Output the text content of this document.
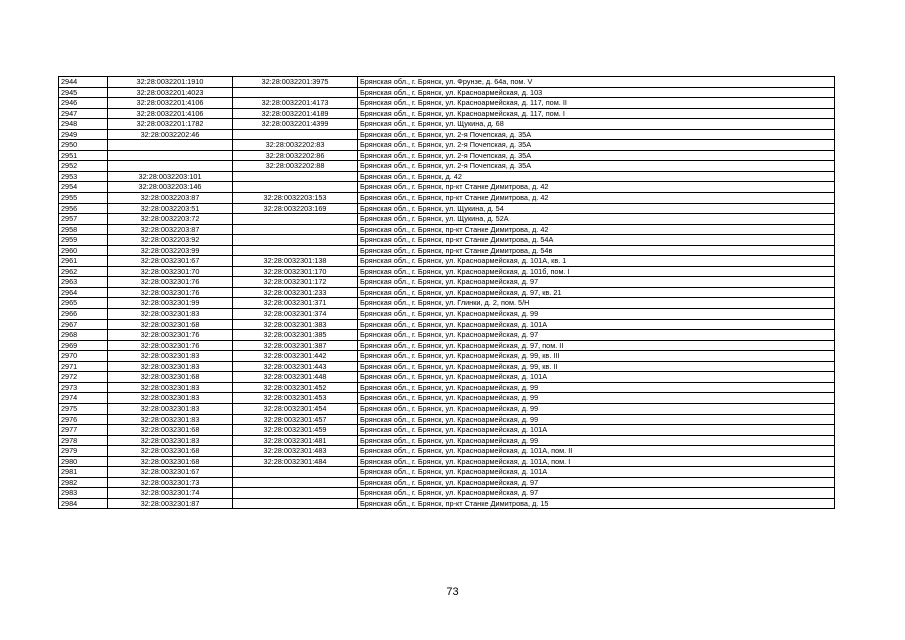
2944	32:28:0032201:1910	32:28:0032201:3975	Брянская обл., г. Брянск, ул. Фрунзе, д. 64а, пом. V
2945	32:28:0032201:4023		Брянская обл., г. Брянск, ул. Красноармейская, д. 103
2946	32:28:0032201:4106	32:28:0032201:4173	Брянская обл., г. Брянск, ул. Красноармейская, д. 117, пом. II
2947	32:28:0032201:4106	32:28:0032201:4189	Брянская обл., г. Брянск, ул. Красноармейская, д. 117, пом. I
2948	32:28:0032201:1782	32:28:0032201:4399	Брянская обл., г. Брянск, ул. Щукина, д. 68
2949	32:28:0032202:46		Брянская обл., г. Брянск, ул. 2-я Почепская, д. 35А
2950		32:28:0032202:83	Брянская обл., г. Брянск, ул. 2-я Почепская, д. 35А
2951		32:28:0032202:86	Брянская обл., г. Брянск, ул. 2-я Почепская, д. 35А
2952		32:28:0032202:88	Брянская обл., г. Брянск, ул. 2-я Почепская, д. 35А
2953	32:28:0032203:101		Брянская обл., г. Брянск, д. 42
2954	32:28:0032203:146		Брянская обл., г. Брянск, пр-кт Станке Димитрова, д. 42
2955	32:28:0032203:87	32:28:0032203:153	Брянская обл., г. Брянск, пр-кт Станке Димитрова, д. 42
2956	32:28:0032203:51	32:28:0032203:169	Брянская обл., г. Брянск, ул. Щукина, д. 54
2957	32:28:0032203:72		Брянская обл., г. Брянск, ул. Щукина, д. 52А
2958	32:28:0032203:87		Брянская обл., г. Брянск, пр-кт Станке Димитрова, д. 42
2959	32:28:0032203:92		Брянская обл., г. Брянск, пр-кт Станке Димитрова, д. 54А
2960	32:28:0032203:99		Брянская обл., г. Брянск, пр-кт Станке Димитрова, д. 54в
2961	32:28:0032301:67	32:28:0032301:138	Брянская обл., г. Брянск, ул. Красноармейская, д. 101А, кв. 1
2962	32:28:0032301:70	32:28:0032301:170	Брянская обл., г. Брянск, ул. Красноармейская, д. 101б, пом. I
2963	32:28:0032301:76	32:28:0032301:172	Брянская обл., г. Брянск, ул. Красноармейская, д. 97
2964	32:28:0032301:76	32:28:0032301:233	Брянская обл., г. Брянск, ул. Красноармейская, д. 97, кв. 21
2965	32:28:0032301:99	32:28:0032301:371	Брянская обл., г. Брянск, ул. Глинки, д. 2, пом. 5/Н
2966	32:28:0032301:83	32:28:0032301:374	Брянская обл., г. Брянск, ул. Красноармейская, д. 99
2967	32:28:0032301:68	32:28:0032301:383	Брянская обл., г. Брянск, ул. Красноармейская, д. 101А
2968	32:28:0032301:76	32:28:0032301:385	Брянская обл., г. Брянск, ул. Красноармейская, д. 97
2969	32:28:0032301:76	32:28:0032301:387	Брянская обл., г. Брянск, ул. Красноармейская, д. 97, пом. II
2970	32:28:0032301:83	32:28:0032301:442	Брянская обл., г. Брянск, ул. Красноармейская, д. 99, кв. III
2971	32:28:0032301:83	32:28:0032301:443	Брянская обл., г. Брянск, ул. Красноармейская, д. 99, кв. II
2972	32:28:0032301:68	32:28:0032301:448	Брянская обл., г. Брянск, ул. Красноармейская, д. 101А
2973	32:28:0032301:83	32:28:0032301:452	Брянская обл., г. Брянск, ул. Красноармейская, д. 99
2974	32:28:0032301:83	32:28:0032301:453	Брянская обл., г. Брянск, ул. Красноармейская, д. 99
2975	32:28:0032301:83	32:28:0032301:454	Брянская обл., г. Брянск, ул. Красноармейская, д. 99
2976	32:28:0032301:83	32:28:0032301:457	Брянская обл., г. Брянск, ул. Красноармейская, д. 99
2977	32:28:0032301:68	32:28:0032301:459	Брянская обл., г. Брянск, ул. Красноармейская, д. 101А
2978	32:28:0032301:83	32:28:0032301:481	Брянская обл., г. Брянск, ул. Красноармейская, д. 99
2979	32:28:0032301:68	32:28:0032301:483	Брянская обл., г. Брянск, ул. Красноармейская, д. 101А, пом. II
2980	32:28:0032301:68	32:28:0032301:484	Брянская обл., г. Брянск, ул. Красноармейская, д. 101А, пом. I
2981	32:28:0032301:67		Брянская обл., г. Брянск, ул. Красноармейская, д. 101А
2982	32:28:0032301:73		Брянская обл., г. Брянск, ул. Красноармейская, д. 97
2983	32:28:0032301:74		Брянская обл., г. Брянск, ул. Красноармейская, д. 97
2984	32:28:0032301:87		Брянская обл., г. Брянск, пр-кт Станке Димитрова, д. 15
73
